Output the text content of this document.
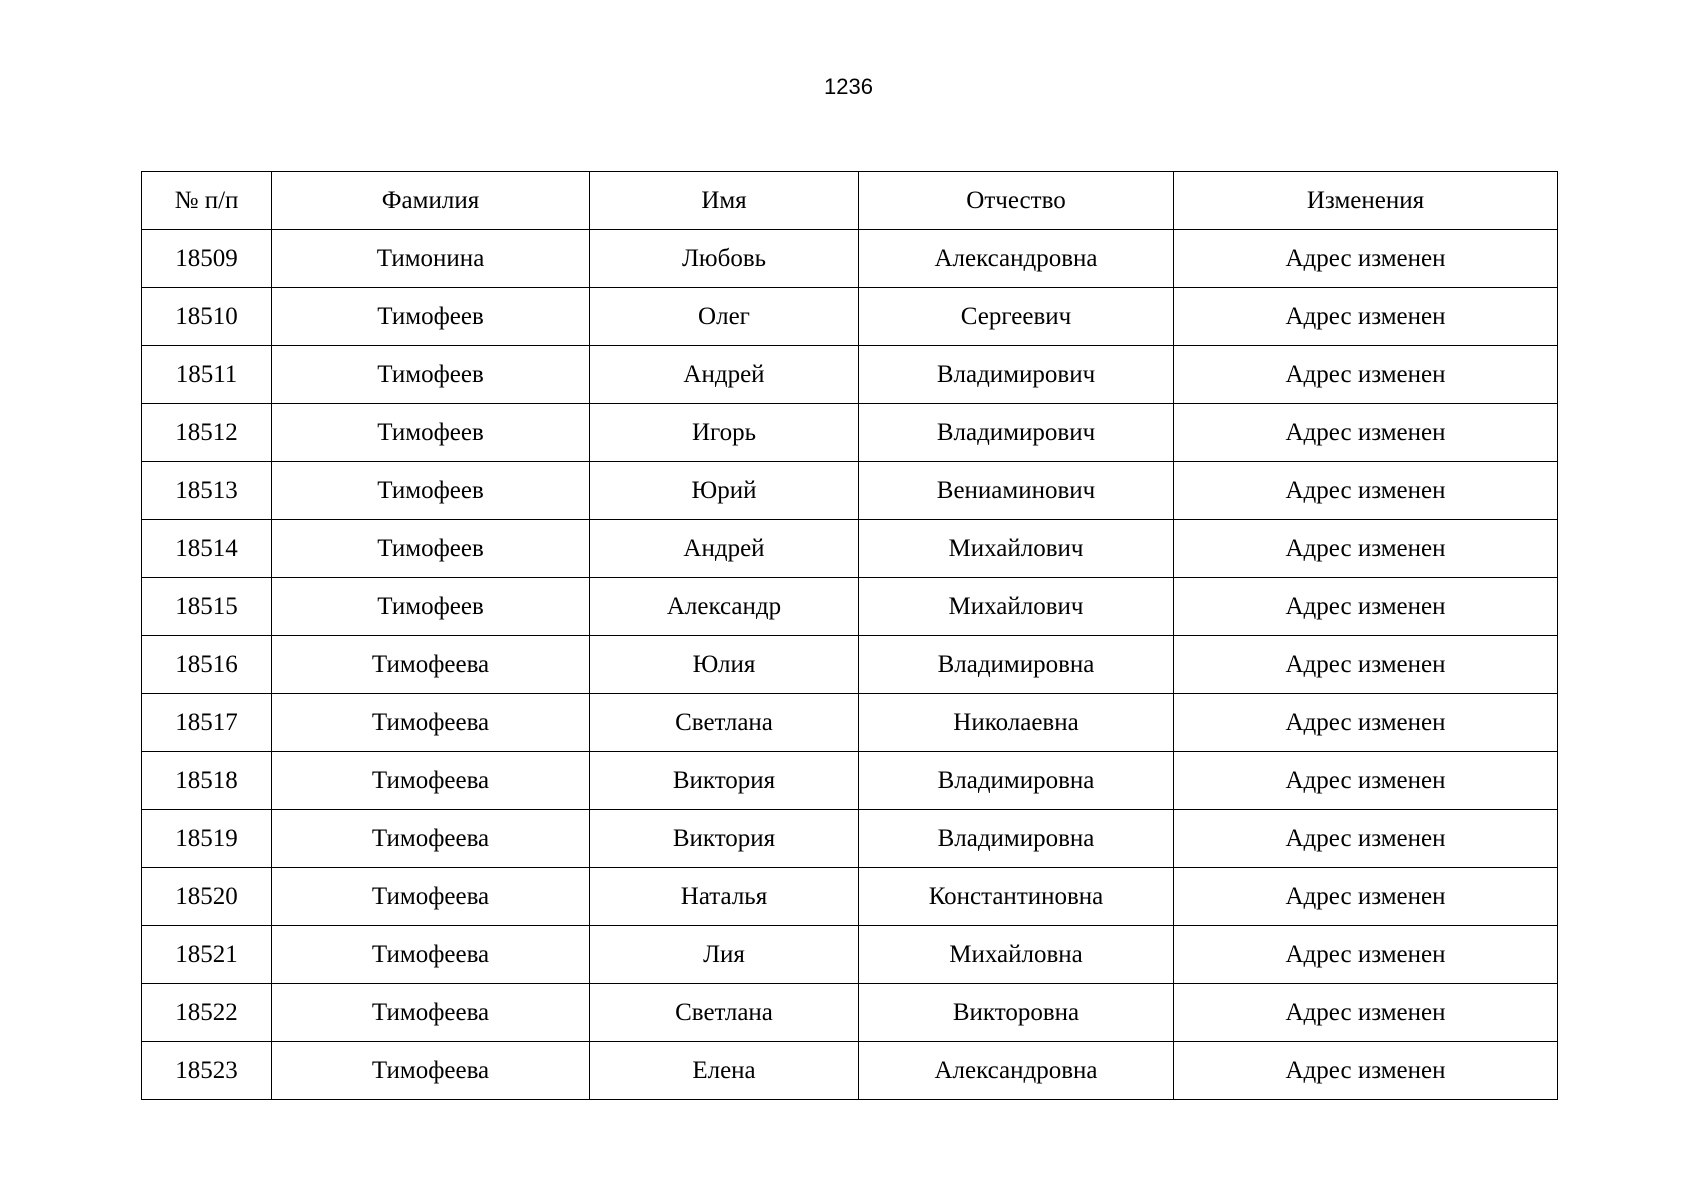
1236
№ п/п	Фамилия	Имя	Отчество	Изменения
18509	Тимонина	Любовь	Александровна	Адрес изменен
18510	Тимофеев	Олег	Сергеевич	Адрес изменен
18511	Тимофеев	Андрей	Владимирович	Адрес изменен
18512	Тимофеев	Игорь	Владимирович	Адрес изменен
18513	Тимофеев	Юрий	Вениаминович	Адрес изменен
18514	Тимофеев	Андрей	Михайлович	Адрес изменен
18515	Тимофеев	Александр	Михайлович	Адрес изменен
18516	Тимофеева	Юлия	Владимировна	Адрес изменен
18517	Тимофеева	Светлана	Николаевна	Адрес изменен
18518	Тимофеева	Виктория	Владимировна	Адрес изменен
18519	Тимофеева	Виктория	Владимировна	Адрес изменен
18520	Тимофеева	Наталья	Константиновна	Адрес изменен
18521	Тимофеева	Лия	Михайловна	Адрес изменен
18522	Тимофеева	Светлана	Викторовна	Адрес изменен
18523	Тимофеева	Елена	Александровна	Адрес изменен
